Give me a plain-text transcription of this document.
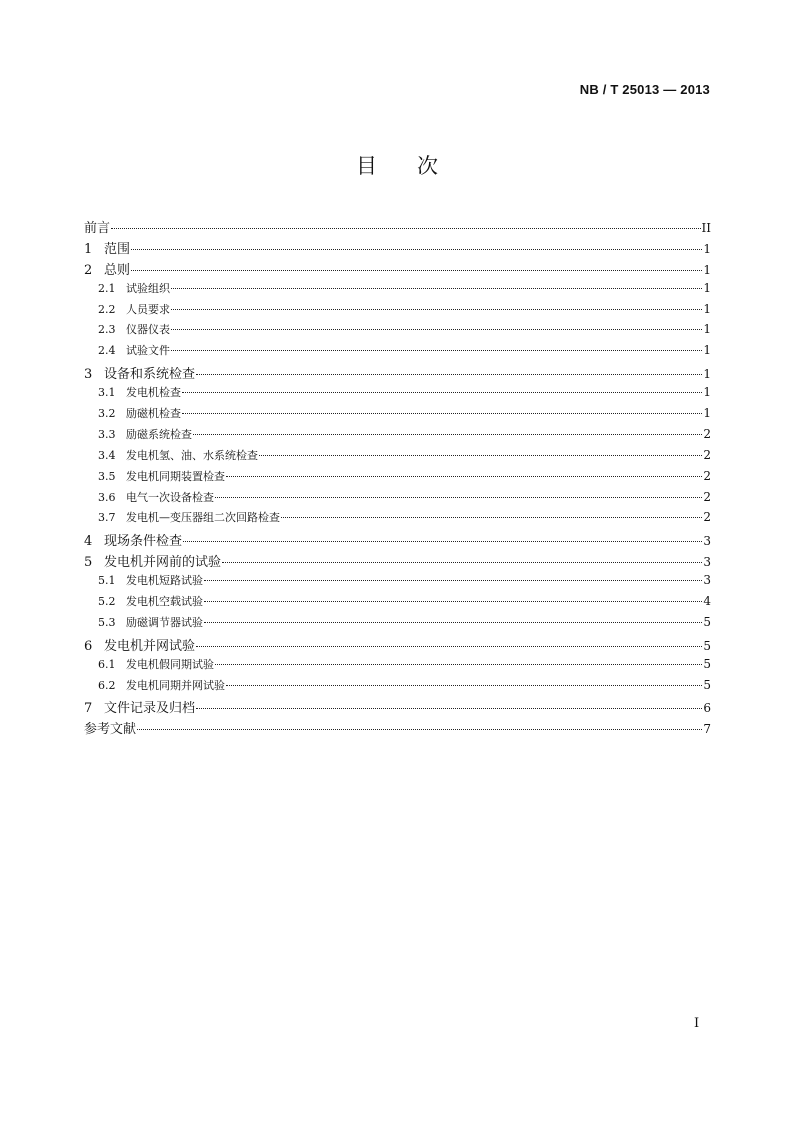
NB / T 25013 — 2013
目次
前言	II
1 范围	1
2 总则	1
2.1 试验组织	1
2.2 人员要求	1
2.3 仪器仪表	1
2.4 试验文件	1
3 设备和系统检查	1
3.1 发电机检查	1
3.2 励磁机检查	1
3.3 励磁系统检查	2
3.4 发电机氢、油、水系统检查	2
3.5 发电机同期装置检查	2
3.6 电气一次设备检查	2
3.7 发电机—变压器组二次回路检查	2
4 现场条件检查	3
5 发电机并网前的试验	3
5.1 发电机短路试验	3
5.2 发电机空载试验	4
5.3 励磁调节器试验	5
6 发电机并网试验	5
6.1 发电机假同期试验	5
6.2 发电机同期并网试验	5
7 文件记录及归档	6
参考文献	7
I
